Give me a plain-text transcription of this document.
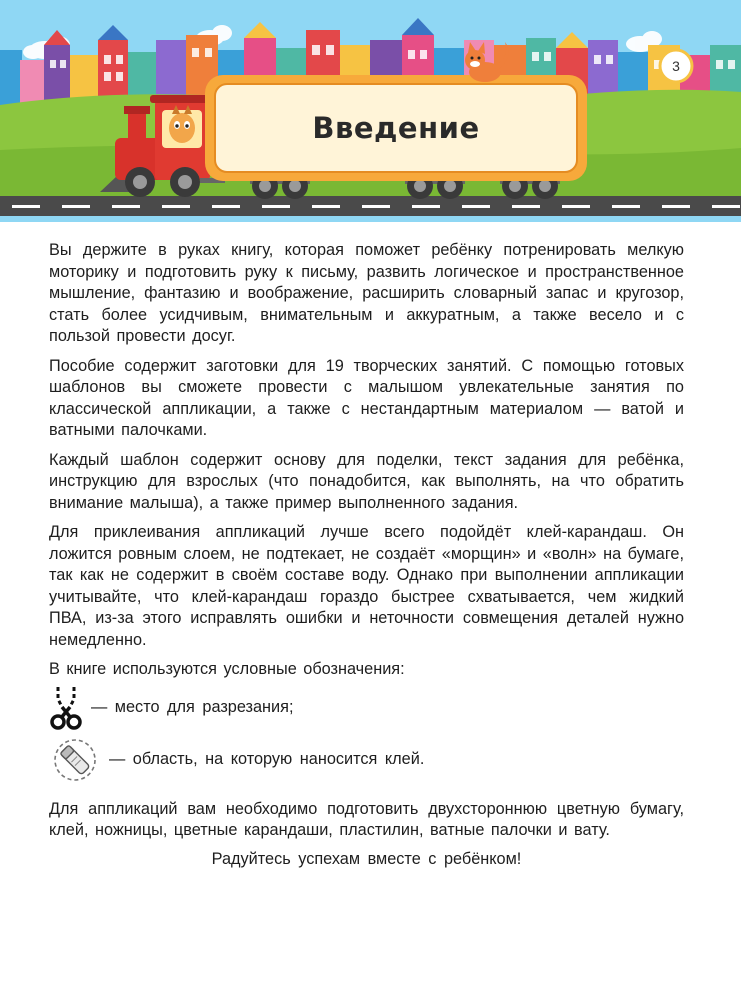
Введение
3

Вы держите в руках книгу, которая поможет ребёнку потренировать мелкую моторику и подготовить руку к письму, развить логическое и пространственное мышление, фантазию и воображение, расширить словарный запас и кругозор, стать более усидчивым, внимательным и аккуратным, а также весело и с пользой провести досуг.

Пособие содержит заготовки для 19 творческих занятий. С помощью готовых шаблонов вы сможете провести с малышом увлекательные занятия по классической аппликации, а также с нестандартным материалом — ватой и ватными палочками.

Каждый шаблон содержит основу для поделки, текст задания для ребёнка, инструкцию для взрослых (что понадобится, как выполнять, на что обратить внимание малыша), а также пример выполненного задания.

Для приклеивания аппликаций лучше всего подойдёт клей-карандаш. Он ложится ровным слоем, не подтекает, не создаёт «морщин» и «волн» на бумаге, так как не содержит в своём составе воду. Однако при выполнении аппликации учитывайте, что клей-карандаш гораздо быстрее схватывается, чем жидкий ПВА, из-за этого исправлять ошибки и неточности совмещения деталей нужно немедленно.

В книге используются условные обозначения:

— место для разрезания;
— область, на которую наносится клей.

Для аппликаций вам необходимо подготовить двухстороннюю цветную бумагу, клей, ножницы, цветные карандаши, пластилин, ватные палочки и вату.

Радуйтесь успехам вместе с ребёнком!
